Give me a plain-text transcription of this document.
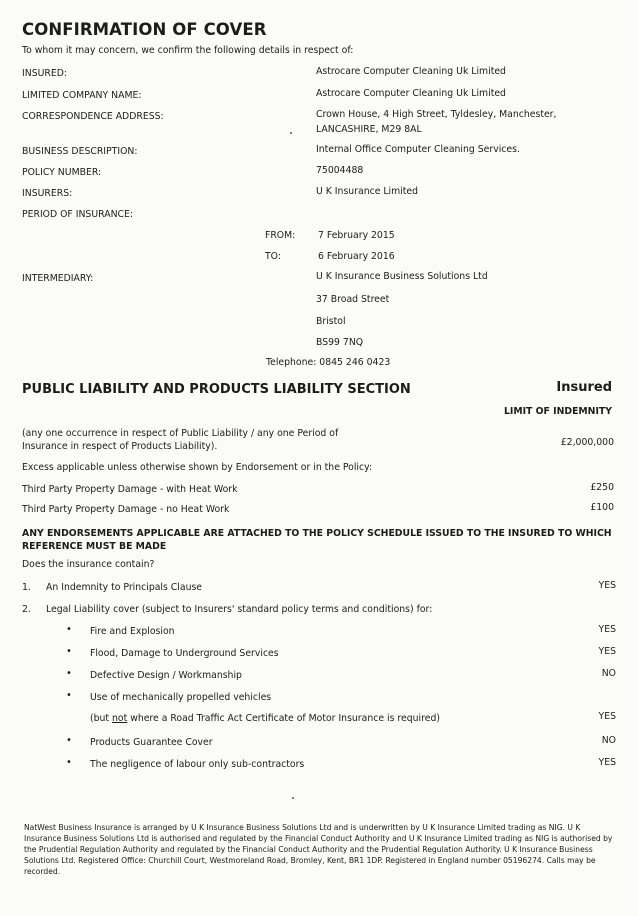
CONFIRMATION OF COVER
To whom it may concern, we confirm the following details in respect of:
INSURED:	Astrocare Computer Cleaning Uk Limited
LIMITED COMPANY NAME:	Astrocare Computer Cleaning Uk Limited
CORRESPONDENCE ADDRESS:	Crown House, 4 High Street, Tyldesley, Manchester,
LANCASHIRE, M29 8AL
BUSINESS DESCRIPTION:	Internal Office Computer Cleaning Services.
POLICY NUMBER:	75004488
INSURERS:	U K Insurance Limited
PERIOD OF INSURANCE:
FROM: 7 February 2015
TO:	6 February 2016
INTERMEDIARY:	U K Insurance Business Solutions Ltd
37 Broad Street
Bristol
BS99 7NQ
Telephone: 0845 246 0423
PUBLIC LIABILITY AND PRODUCTS LIABILITY SECTION	Insured
LIMIT OF INDEMNITY
(any one occurrence in respect of Public Liability / any one Period of
Insurance in respect of Products Liability).	£2,000,000
Excess applicable unless otherwise shown by Endorsement or in the Policy:
Third Party Property Damage - with Heat Work	£250
Third Party Property Damage - no Heat Work	£100
ANY ENDORSEMENTS APPLICABLE ARE ATTACHED TO THE POLICY SCHEDULE ISSUED TO THE INSURED TO WHICH
REFERENCE MUST BE MADE
Does the insurance contain?
1. An Indemnity to Principals Clause	YES
2. Legal Liability cover (subject to Insurers' standard policy terms and conditions) for:
• Fire and Explosion	YES
• Flood, Damage to Underground Services	YES
• Defective Design / Workmanship	NO
• Use of mechanically propelled vehicles
(but not where a Road Traffic Act Certificate of Motor Insurance is required)	YES
• Products Guarantee Cover	NO
• The negligence of labour only sub-contractors	YES
NatWest Business Insurance is arranged by U K Insurance Business Solutions Ltd and is underwritten by U K Insurance Limited trading as NIG. U K Insurance Business Solutions Ltd is authorised and regulated by the Financial Conduct Authority and U K Insurance Limited trading as NIG is authorised by the Prudential Regulation Authority and regulated by the Financial Conduct Authority and the Prudential Regulation Authority. U K Insurance Business Solutions Ltd. Registered Office: Churchill Court, Westmoreland Road, Bromley, Kent, BR1 1DP. Registered in England number 05196274. Calls may be recorded.
